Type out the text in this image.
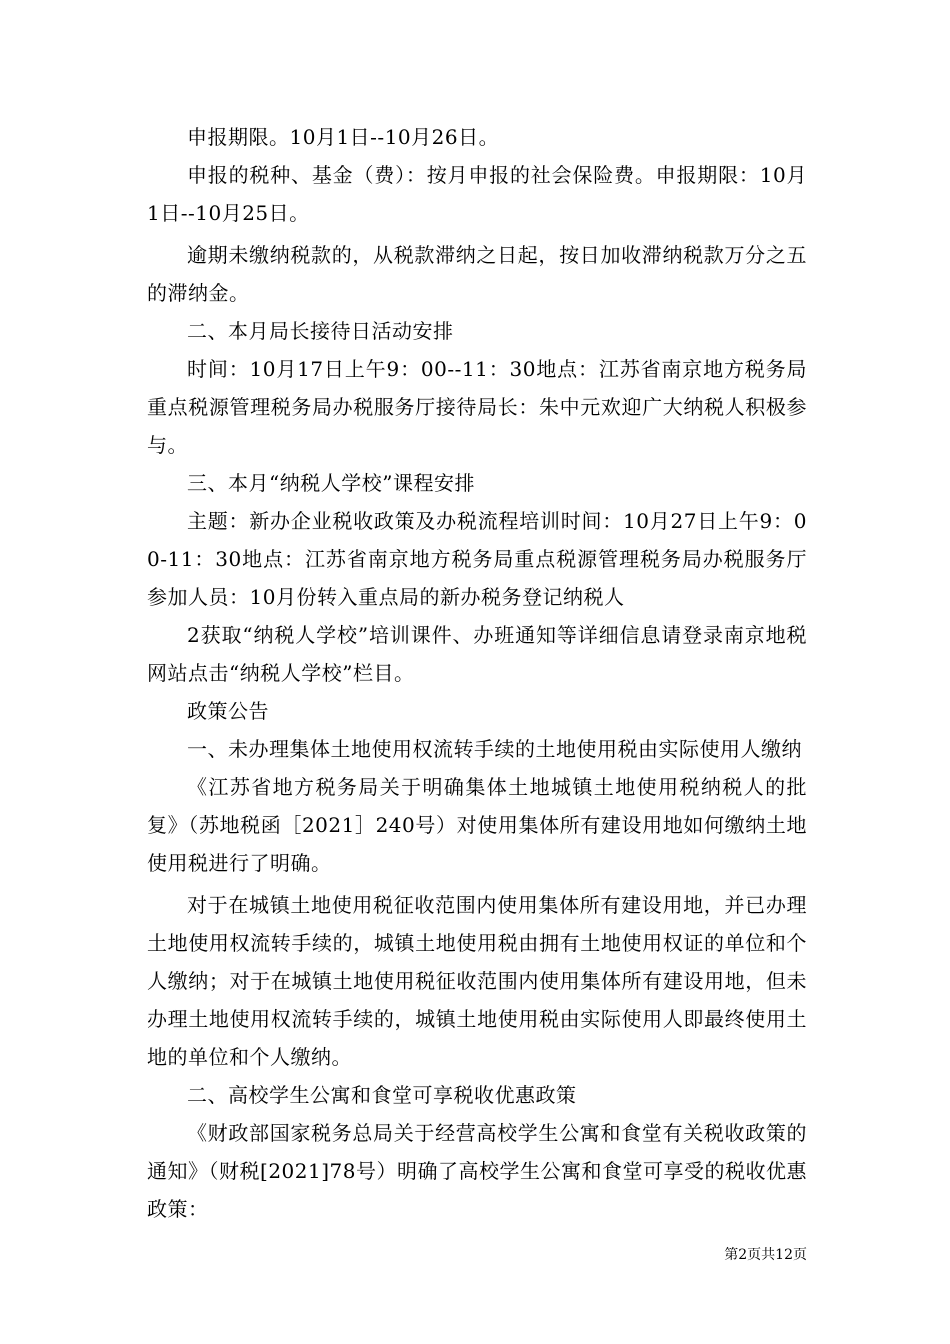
申报期限。10月1日--10月26日。

申报的税种、基金（费）：按月申报的社会保险费。申报期限：10月1日--10月25日。

逾期未缴纳税款的，从税款滞纳之日起，按日加收滞纳税款万分之五的滞纳金。

二、本月局长接待日活动安排

时间：10月17日上午9：00--11：30地点：江苏省南京地方税务局重点税源管理税务局办税服务厅接待局长：朱中元欢迎广大纳税人积极参与。

三、本月“纳税人学校”课程安排

主题：新办企业税收政策及办税流程培训时间：10月27日上午9：00-11：30地点：江苏省南京地方税务局重点税源管理税务局办税服务厅参加人员：10月份转入重点局的新办税务登记纳税人

2获取“纳税人学校”培训课件、办班通知等详细信息请登录南京地税网站点击“纳税人学校”栏目。

政策公告

一、未办理集体土地使用权流转手续的土地使用税由实际使用人缴纳

《江苏省地方税务局关于明确集体土地城镇土地使用税纳税人的批复》（苏地税函［2021］240号）对使用集体所有建设用地如何缴纳土地使用税进行了明确。

对于在城镇土地使用税征收范围内使用集体所有建设用地，并已办理土地使用权流转手续的，城镇土地使用税由拥有土地使用权证的单位和个人缴纳；对于在城镇土地使用税征收范围内使用集体所有建设用地，但未办理土地使用权流转手续的，城镇土地使用税由实际使用人即最终使用土地的单位和个人缴纳。

二、高校学生公寓和食堂可享税收优惠政策

《财政部国家税务总局关于经营高校学生公寓和食堂有关税收政策的通知》（财税[2021]78号）明确了高校学生公寓和食堂可享受的税收优惠政策：

第2页共12页
